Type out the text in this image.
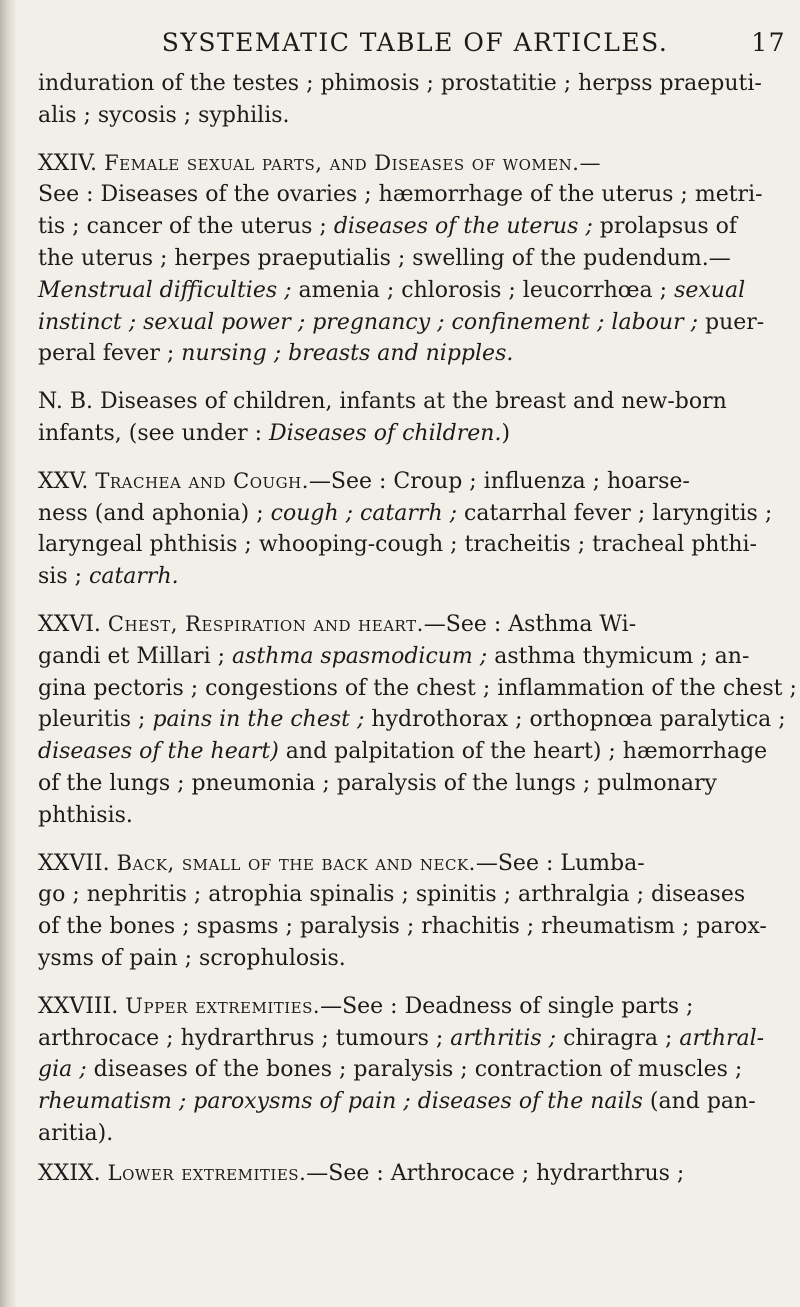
SYSTEMATIC TABLE OF ARTICLES.	17
induration of the testes ; phimosis ; prostatitie ; herpss praeputi-
alis ; sycosis ; syphilis.
XXIV. Female sexual parts, and Diseases of women.—
See : Diseases of the ovaries ; hæmorrhage of the uterus ; metri-
tis ; cancer of the uterus ; diseases of the uterus ; prolapsus of
the uterus ; herpes praeputialis ; swelling of the pudendum.—
Menstrual difficulties ; amenia ; chlorosis ; leucorrhœa ; sexual
instinct ; sexual power ; pregnancy ; confinement ; labour ; puer-
peral fever ; nursing ; breasts and nipples.
N. B. Diseases of children, infants at the breast and new-born
infants, (see under : Diseases of children.)
XXV. Trachea and Cough.—See : Croup ; influenza ; hoarse-
ness (and aphonia) ; cough ; catarrh ; catarrhal fever ; laryngitis ;
laryngeal phthisis ; whooping-cough ; tracheitis ; tracheal phthi-
sis ; catarrh.
XXVI. Chest, Respiration and heart.—See : Asthma Wi-
gandi et Millari ; asthma spasmodicum ; asthma thymicum ; an-
gina pectoris ; congestions of the chest ; inflammation of the chest ;
pleuritis ; pains in the chest ; hydrothorax ; orthopnœa paralytica ;
diseases of the heart) and palpitation of the heart) ; hæmorrhage
of the lungs ; pneumonia ; paralysis of the lungs ; pulmonary
phthisis.
XXVII. Back, small of the back and neck.—See : Lumba-
go ; nephritis ; atrophia spinalis ; spinitis ; arthralgia ; diseases
of the bones ; spasms ; paralysis ; rhachitis ; rheumatism ; parox-
ysms of pain ; scrophulosis.
XXVIII. Upper extremities.—See : Deadness of single parts ;
arthrocace ; hydrarthrus ; tumours ; arthritis ; chiragra ; arthral-
gia ; diseases of the bones ; paralysis ; contraction of muscles ;
rheumatism ; paroxysms of pain ; diseases of the nails (and pan-
aritia).
XXIX. Lower extremities.—See : Arthrocace ; hydrarthrus ;
